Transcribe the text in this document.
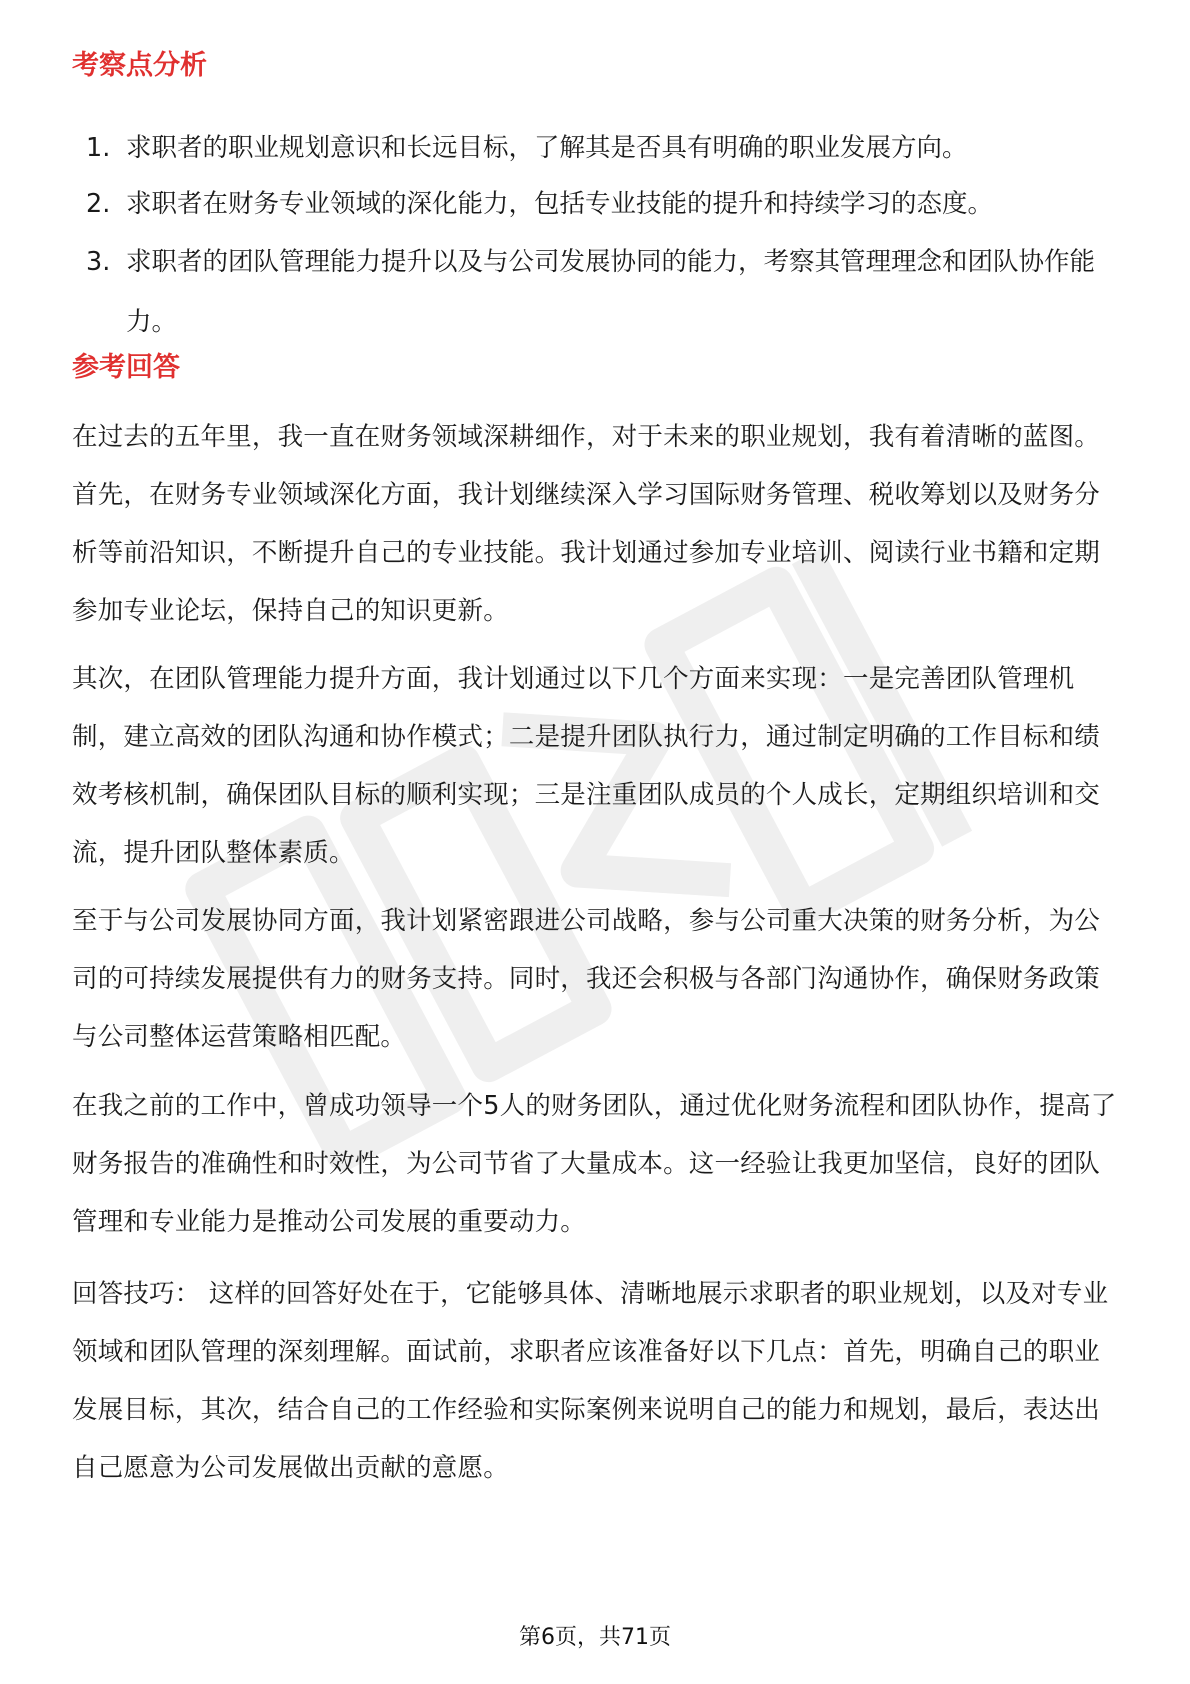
考察点分析
1. 求职者的职业规划意识和长远目标，了解其是否具有明确的职业发展方向。
2. 求职者在财务专业领域的深化能力，包括专业技能的提升和持续学习的态度。
3. 求职者的团队管理能力提升以及与公司发展协同的能力，考察其管理理念和团队协作能力。
参考回答

在过去的五年里，我一直在财务领域深耕细作，对于未来的职业规划，我有着清晰的蓝图。首先，在财务专业领域深化方面，我计划继续深入学习国际财务管理、税收筹划以及财务分析等前沿知识，不断提升自己的专业技能。我计划通过参加专业培训、阅读行业书籍和定期参加专业论坛，保持自己的知识更新。

其次，在团队管理能力提升方面，我计划通过以下几个方面来实现：一是完善团队管理机制，建立高效的团队沟通和协作模式；二是提升团队执行力，通过制定明确的工作目标和绩效考核机制，确保团队目标的顺利实现；三是注重团队成员的个人成长，定期组织培训和交流，提升团队整体素质。

至于与公司发展协同方面，我计划紧密跟进公司战略，参与公司重大决策的财务分析，为公司的可持续发展提供有力的财务支持。同时，我还会积极与各部门沟通协作，确保财务政策与公司整体运营策略相匹配。

在我之前的工作中，曾成功领导一个5人的财务团队，通过优化财务流程和团队协作，提高了财务报告的准确性和时效性，为公司节省了大量成本。这一经验让我更加坚信，良好的团队管理和专业能力是推动公司发展的重要动力。

回答技巧： 这样的回答好处在于，它能够具体、清晰地展示求职者的职业规划，以及对专业领域和团队管理的深刻理解。面试前，求职者应该准备好以下几点：首先，明确自己的职业发展目标，其次，结合自己的工作经验和实际案例来说明自己的能力和规划，最后，表达出自己愿意为公司发展做出贡献的意愿。

第6页，共71页
